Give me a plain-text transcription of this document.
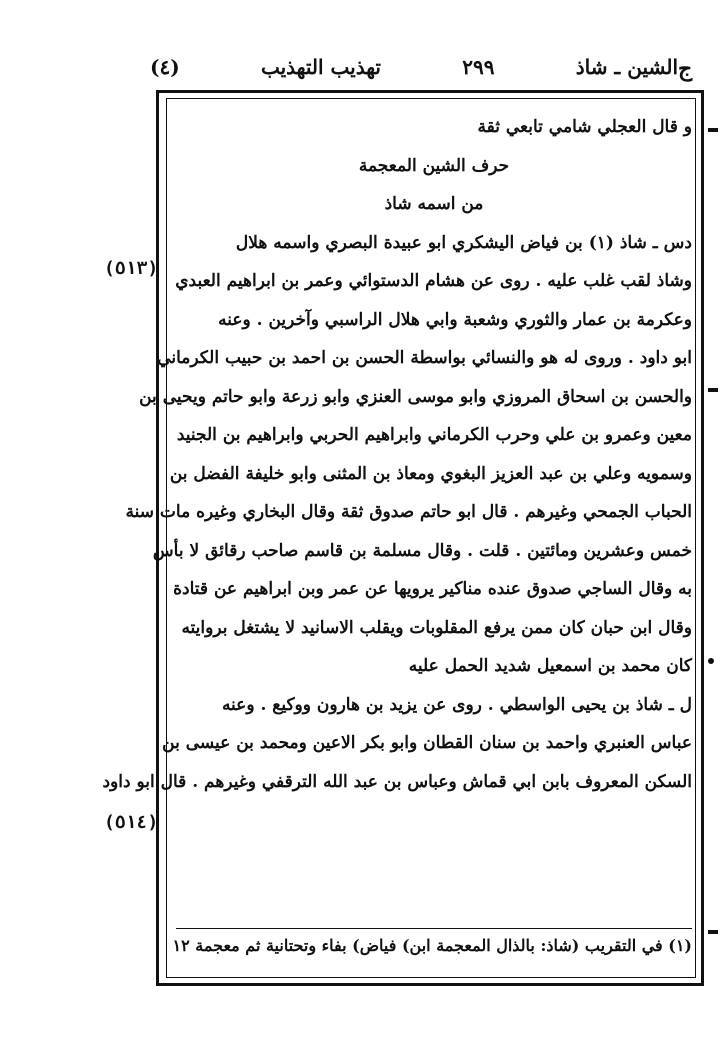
(٤)	تهذيب التهذيب	٢٩٩	الشين ـ شاذ ج
و قال العجلي شامي تابعي ثقة
حرف الشين المعجمة
من اسمه شاذ
دس ـ شاذ (١) بن فياض اليشكري ابو عبيدة البصري واسمه هلال
وشاذ لقب غلب عليه . روى عن هشام الدستوائي وعمر بن ابراهيم العبدي
وعكرمة بن عمار والثوري وشعبة وابي هلال الراسبي وآخرين . وعنه
ابو داود . وروى له هو والنسائي بواسطة الحسن بن احمد بن حبيب الكرماني
والحسن بن اسحاق المروزي وابو موسى العنزي وابو زرعة وابو حاتم ويحيى بن
معين وعمرو بن علي وحرب الكرماني وابراهيم الحربي وابراهيم بن الجنيد
وسمويه وعلي بن عبد العزيز البغوي ومعاذ بن المثنى وابو خليفة الفضل بن
الحباب الجمحي وغيرهم . قال ابو حاتم صدوق ثقة وقال البخاري وغيره مات سنة
خمس وعشرين ومائتين . قلت . وقال مسلمة بن قاسم صاحب رقائق لا بأس
به وقال الساجي صدوق عنده مناكير يرويها عن عمر وبن ابراهيم عن قتادة
وقال ابن حبان كان ممن يرفع المقلوبات ويقلب الاسانيد لا يشتغل بروايته
كان محمد بن اسمعيل شديد الحمل عليه
ل ـ شاذ بن يحيى الواسطي . روى عن يزيد بن هارون ووكيع . وعنه
عباس العنبري واحمد بن سنان القطان وابو بكر الاعين ومحمد بن عيسى بن
السكن المعروف بابن ابي قماش وعباس بن عبد الله الترقفي وغيرهم . قال ابو داود
(١) في التقريب (شاذ: بالذال المعجمة ابن) فياض) بفاء وتحتانية ثم معجمة ١٢
(٥١٣)
(٥١٤)
